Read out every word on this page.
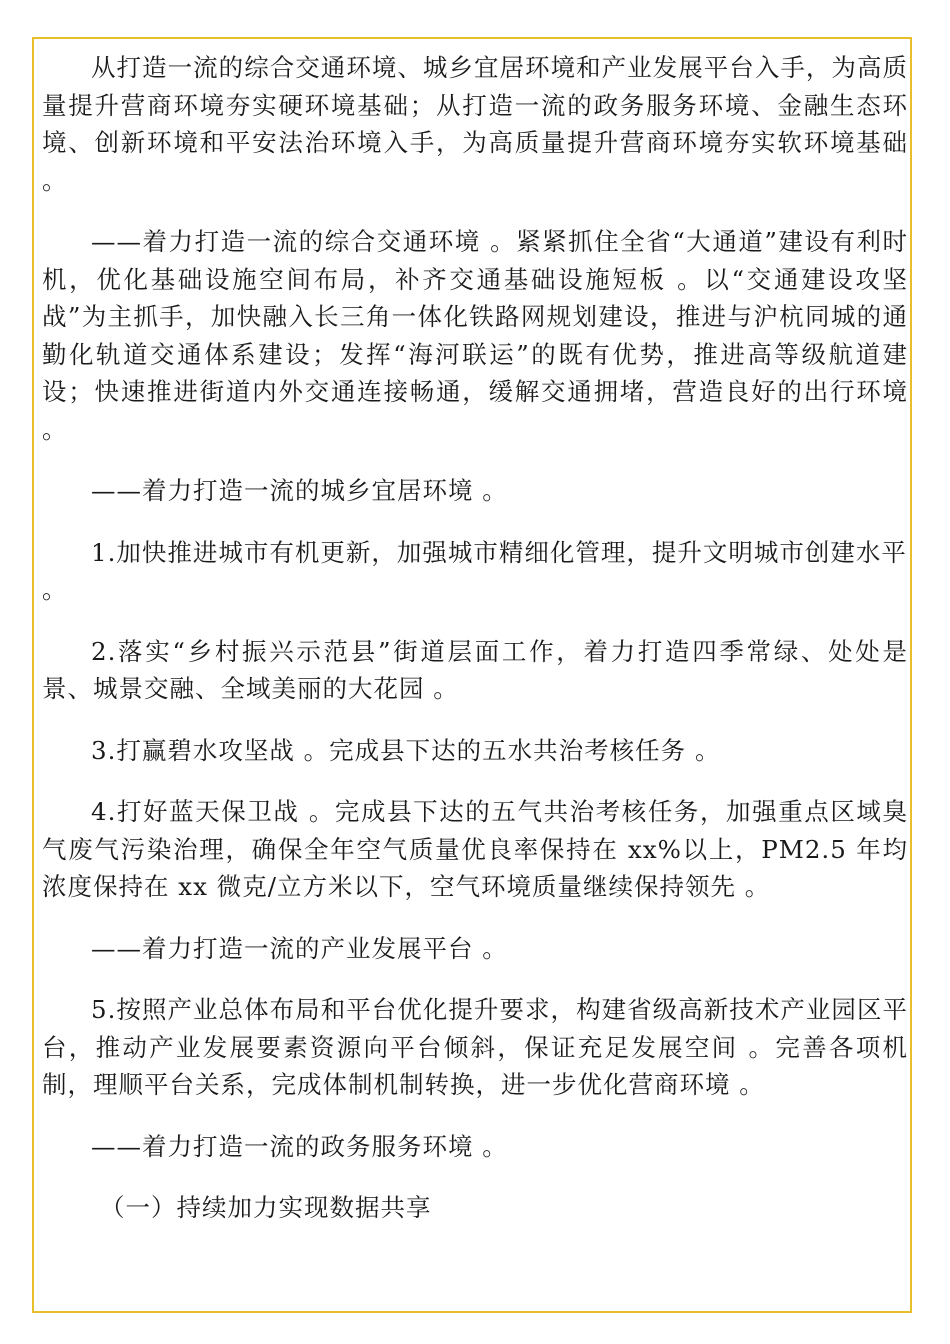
从打造一流的综合交通环境、城乡宜居环境和产业发展平台入手，为高质量提升营商环境夯实硬环境基础；从打造一流的政务服务环境、金融生态环境、创新环境和平安法治环境入手，为高质量提升营商环境夯实软环境基础 。

——着力打造一流的综合交通环境 。紧紧抓住全省“大通道”建设有利时机，优化基础设施空间布局，补齐交通基础设施短板 。以“交通建设攻坚战”为主抓手，加快融入长三角一体化铁路网规划建设，推进与沪杭同城的通勤化轨道交通体系建设；发挥“海河联运”的既有优势，推进高等级航道建设；快速推进街道内外交通连接畅通，缓解交通拥堵，营造良好的出行环境 。

——着力打造一流的城乡宜居环境 。

1.加快推进城市有机更新，加强城市精细化管理，提升文明城市创建水平 。

2.落实“乡村振兴示范县”街道层面工作，着力打造四季常绿、处处是景、城景交融、全域美丽的大花园 。

3.打赢碧水攻坚战 。完成县下达的五水共治考核任务 。

4.打好蓝天保卫战 。完成县下达的五气共治考核任务，加强重点区域臭气废气污染治理，确保全年空气质量优良率保持在 xx%以上，PM2.5 年均浓度保持在 xx 微克/立方米以下，空气环境质量继续保持领先 。

——着力打造一流的产业发展平台 。

5.按照产业总体布局和平台优化提升要求，构建省级高新技术产业园区平台，推动产业发展要素资源向平台倾斜，保证充足发展空间 。完善各项机制，理顺平台关系，完成体制机制转换，进一步优化营商环境 。

——着力打造一流的政务服务环境 。

（一）持续加力实现数据共享
